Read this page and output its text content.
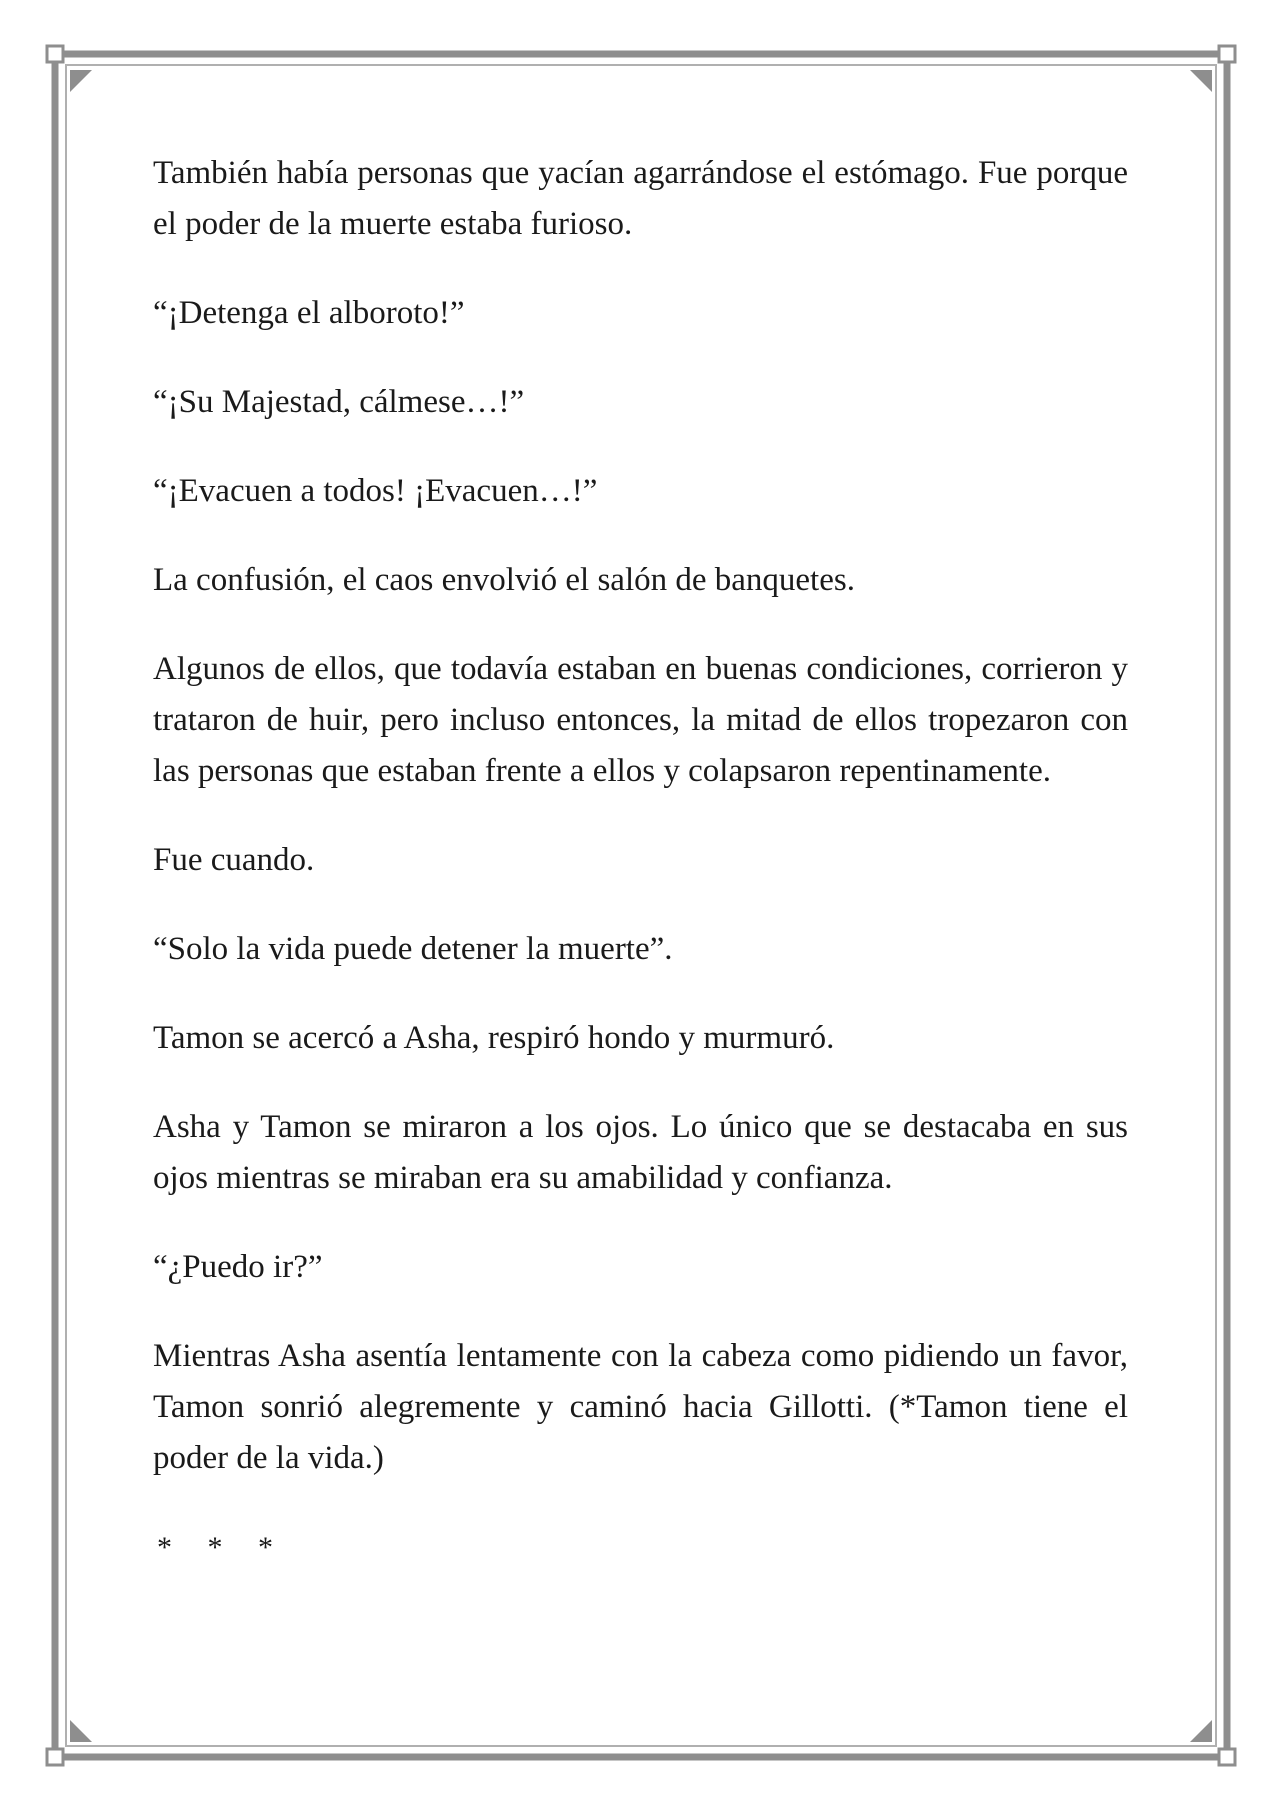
También había personas que yacían agarrándose el estómago. Fue porque el poder de la muerte estaba furioso.

“¡Detenga el alboroto!”

“¡Su Majestad, cálmese…!”

“¡Evacuen a todos! ¡Evacuen…!”

La confusión, el caos envolvió el salón de banquetes.

Algunos de ellos, que todavía estaban en buenas condiciones, corrieron y trataron de huir, pero incluso entonces, la mitad de ellos tropezaron con las personas que estaban frente a ellos y colapsaron repentinamente.

Fue cuando.

“Solo la vida puede detener la muerte”.

Tamon se acercó a Asha, respiró hondo y murmuró.

Asha y Tamon se miraron a los ojos. Lo único que se destacaba en sus ojos mientras se miraban era su amabilidad y confianza.

“¿Puedo ir?”

Mientras Asha asentía lentamente con la cabeza como pidiendo un favor, Tamon sonrió alegremente y caminó hacia Gillotti. (*Tamon tiene el poder de la vida.)

* * *
